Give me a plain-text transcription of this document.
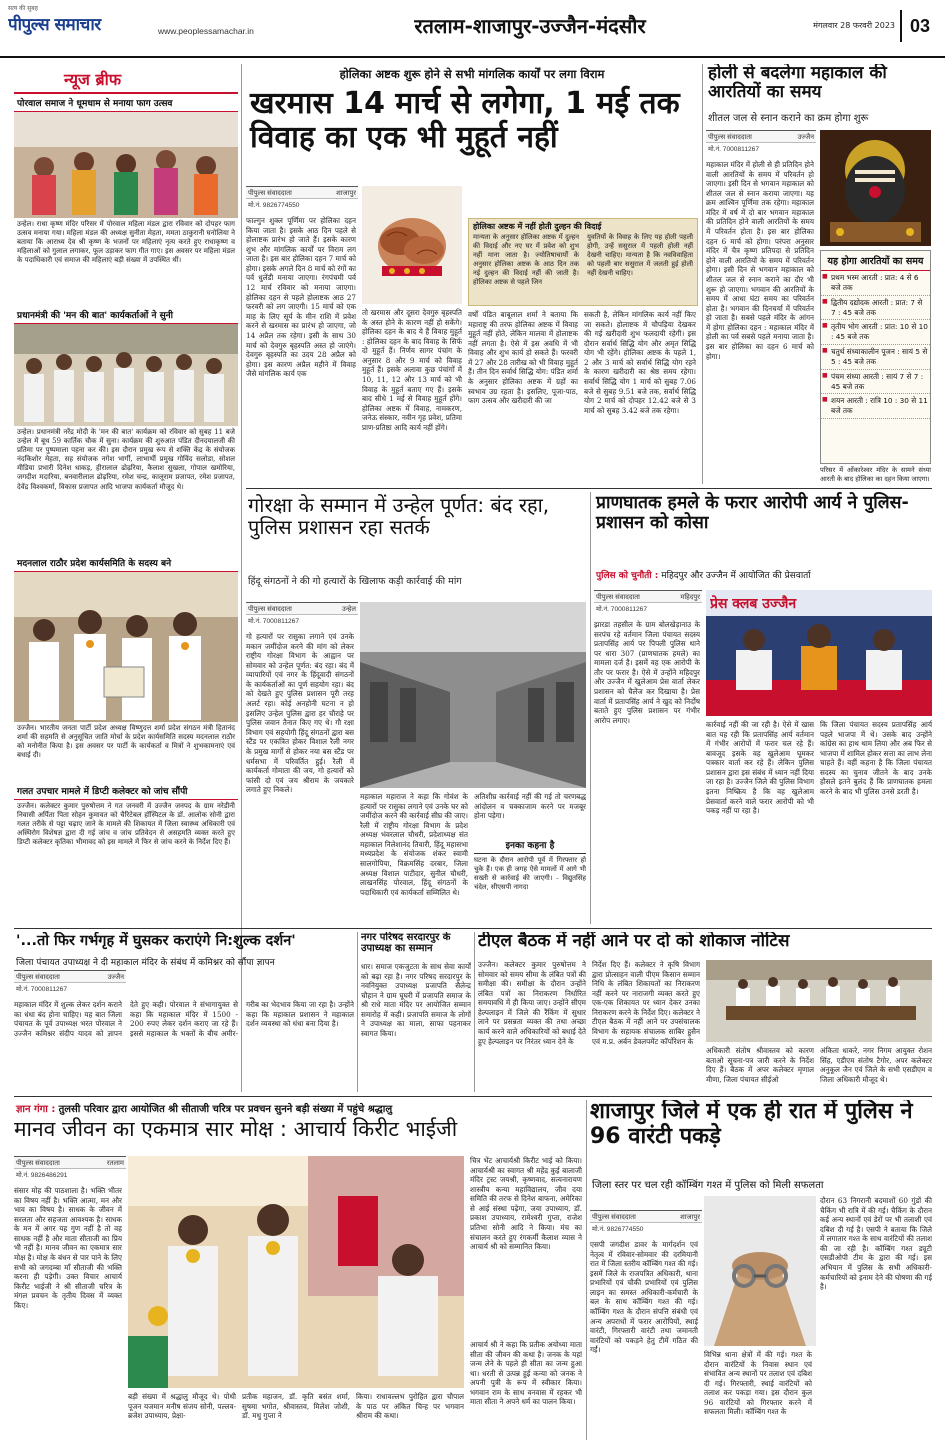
सत्य की सुबह
पीपुल्स समाचार	www.peoplessamachar.in	रतलाम-शाजापुर-उज्जैन-मंदसौर	मंगलवार 28 फरवरी 2023 03
न्यूज ब्रीफ
पोरवाल समाज ने धूमधाम से मनाया फाग उत्सव
उन्हेल। राधा कृष्ण मंदिर परिसर में पोरवाल महिला मंडल द्वारा रविवार को दोपहर फाग उत्सव मनाया गया। महिला मंडल की अध्यक्ष सुनीता मेहता, ममता ठाकुरानी घनोलिया ने बताया कि आराध्य देव श्री कृष्ण के भजनों पर महिलाएं नृत्य करते हुए राधाकृष्ण व महिलाओं को गुलाल लगाकर, फूल उड़ाकर फाग गीत गाए। इस अवसर पर महिला मंडल के पदाधिकारी एवं समाज की महिलाएं बड़ी संख्या में उपस्थित थीं।
प्रधानमंत्री की 'मन की बात' कार्यकर्ताओं ने सुनी
उन्हेल। प्रधानमंत्री नरेंद्र मोदी के 'मन की बात' कार्यक्रम को रविवार को सुबह 11 बजे उन्हेल में बूथ 59 कार्तिक चौक में सुना। कार्यक्रम की शुरुआत पंडित दीनदयालजी की प्रतिमा पर पुष्पमाला पहना कर की। इस दौरान प्रमुख रूप से शक्ति केंद्र के संयोजक नंदकिशोर मेहता, सह संयोजक नगेश भार्गी, लाभार्थी प्रमुख गोविंद सलोडा, सोशल मीडिया प्रभारी दिनेश धाकड़, हीरालाल ढोढ़रिया, कैलाश सुखला, गोपाल खमोरिया, जगदीश मदारिया, बनवारीलाल ढोढ़रिया, रमेश चन्द्र, कालूराम प्रजापत, रमेश प्रजापत, देवेंद्र विश्वकर्मा, विकास प्रजापत आदि भाजपा कार्यकर्ता मौजूद थे।
मदनलाल राठौर प्रदेश कार्यसमिति के सदस्य बने
उज्जैन। भारतीय जनता पार्टी प्रदेश अध्यक्ष विष्णुदत्त शर्मा प्रदेश संगठन मंत्री हितानंद शर्मा की सहमति से अनुसूचित जाति मोर्चा के प्रदेश कार्यसमिति सदस्य मदनलाल राठौर को मनोनीत किया है। इस अवसर पर पार्टी के कार्यकर्ता व मित्रों ने शुभकामनाएं एवं बधाई दी।
गलत उपचार मामले में डिप्टी कलेक्टर को जांच सौंपी
उज्जैन। कलेक्टर कुमार पुरुषोत्तम ने गत जनवरी में उज्जैन जनपद के ग्राम नरेडीनी निवासी अर्पिता पिता सोहन कुमावत को चैरिटेबल हॉस्पिटल के डॉ. आलोक सोनी द्वारा गलत तरीके से पट्टा चढ़ाए जाने के मामले की शिकायत में जिला स्वास्थ्य अधिकारी एवं अस्थिरोग विशेषज्ञ द्वारा दी गई जांच व जांच प्रतिवेदन से असहमति व्यक्त करते हुए डिप्टी कलेक्टर कृतिका भीमावद को इस मामले में फिर से जांच करने के निर्देश दिए हैं।
होलिका अष्टक शुरू होने से सभी मांगलिक कार्यों पर लगा विराम
खरमास 14 मार्च से लगेगा, 1 मई तक विवाह का एक भी मुहूर्त नहीं
पीपुल्स संवाददाता	शाजापुर
मो.नं. 9826774550
फाल्गुन शुक्ल पूर्णिमा पर होलिका दहन किया जाता है। इसके आठ दिन पहले से होलाष्टक प्रारंभ हो जाते हैं। इसके कारण शुभ और मांगलिक कार्यों पर विराम लग जाता है। इस बार होलिका दहन 7 मार्च को होगा। इसके अगले दिन 8 मार्च को रंगों का पर्व धुलेंडी मनाया जाएगा। रंगपंचमी पर्व 12 मार्च रविवार को मनाया जाएगा। होलिका दहन से पहले होलाष्टक आठ 27 फरवरी को लग जाएगी। 15 मार्च को एक माह के लिए सूर्य के मीन राशि में प्रवेश करने से खरमास का प्रारंभ हो जाएगा, जो 14 अप्रैल तक रहेगा। इसी के साथ 30 मार्च को देवगुरु बृहस्पति अस्त हो जाएंगे। देवगुरु बृहस्पति का उदय 28 अप्रैल को होगा। इस कारण अप्रैल महीने में विवाह जैसे मांगलिक कार्य एक
तो खरमास और दूसरा देवगुरु बृहस्पति के अस्त होने के कारण नहीं हो सकेंगे। होलिका दहन के बाद ये हैं विवाह मुहूर्त : होलिका दहन के बाद विवाह के सिर्फ दो मुहूर्त हैं। निर्णय सागर पंचांग के अनुसार 8 और 9 मार्च को विवाह मुहूर्त हैं। इसके अलावा कुछ पंचांगों में 10, 11, 12 और 13 मार्च को भी विवाह के मुहूर्त बताए गए हैं। इसके बाद सीधे 1 मई से विवाह मुहूर्त होंगे। होलिका अष्टक में विवाह, नामकरण, जनेऊ संस्कार, नवीन गृह प्रवेश, प्रतिमा प्राण-प्रतिष्ठा आदि कार्य नहीं होंगे।
होलिका अष्टक में नहीं होती दुल्हन की विदाई
मान्यता के अनुसार होलिका अष्टक में दुल्हन की विदाई और नए घर में प्रवेश को शुभ नहीं माना जाता है। ज्योतिषाचार्यों के अनुसार होलिका अष्टक के आठ दिन तक नई दुल्हन की विदाई नहीं की जाती है। होलिका अष्टक से पहले जिन
युवतियों के विवाह के लिए यह होली पहली होगी, उन्हें ससुराल में पहली होली नहीं देखनी चाहिए। मान्यता है कि नवविवाहिता को पहली बार ससुराल में जलती हुई होली नहीं देखनी चाहिए।
वर्षों पंडित बाबूलाल शर्मा ने बताया कि महाराष्ट्र की तरफ होलिका अष्टक में विवाह मुहूर्त नहीं होते, लेकिन मालवा में होलाष्टक नहीं लगता है। ऐसे में इस अवधि में भी विवाह और शुभ कार्य हो सकते हैं। फरवरी में 27 और 28 तारीख को भी विवाह मुहूर्त हैं। तीन दिन सर्वार्थ सिद्धि योग: पंडित शर्मा के अनुसार होलिका अष्टक में ग्रहों का स्वभाव उग्र रहता है। इसलिए, पूजा-पाठ, फाग उत्सव और खरीदारी की जा
सकती है, लेकिन मांगलिक कार्य नहीं किए जा सकते। होलाष्टक में चौपड़िया देखकर की गई खरीदारी शुभ फलदायी रहेगी। इस दौरान सर्वार्थ सिद्धि योग और अमृत सिद्धि योग भी रहेंगे। होलिका अष्टक के पहले 1, 2 और 3 मार्च को सर्वार्थ सिद्धि योग रहने के कारण खरीदारी का श्रेष्ठ समय रहेगा। सर्वार्थ सिद्धि योग 1 मार्च को सुबह 7.06 बजे से सुबह 9.51 बजे तक, सर्वार्थ सिद्धि योग 2 मार्च को दोपहर 12.42 बजे से 3 मार्च को सुबह 3.42 बजे तक रहेगा।
होली से बदलेगा महाकाल की आरतियों का समय
शीतल जल से स्नान कराने का क्रम होगा शुरू
पीपुल्स संवाददाता	उज्जैन
मो.नं. 7000811267
महाकाल मंदिर में होली से ही प्रतिदिन होने वाली आरतियों के समय में परिवर्तन हो जाएगा। इसी दिन से भगवान महाकाल को शीतल जल से स्नान कराया जाएगा। यह क्रम आश्विन पूर्णिमा तक रहेगा। महाकाल मंदिर में वर्ष में दो बार भगवान महाकाल की प्रतिदिन होने वाली आरतियों के समय में परिवर्तन होता है। इस बार होलिका दहन 6 मार्च को होगा। परंपरा अनुसार मंदिर में चैत्र कृष्ण प्रतिपदा से प्रतिदिन होने वाली आरतियों के समय में परिवर्तन होगा। इसी दिन से भगवान महाकाल को शीतल जल से स्नान कराने का दौर भी शुरू हो जाएगा। भगवान की आरतियों के समय में आधा घंटा समय का परिवर्तन होता है। भगवान की दिनचर्या में परिवर्तन हो जाता है। सबसे पहले मंदिर के आंगन में होगा होलिका दहन : महाकाल मंदिर में होली का पर्व सबसे पहले मनाया जाता है। इस बार होलिका का दहन 6 मार्च को होगा।
यह होगा आरतियों का समय
■ प्रथम भस्म आरती : प्रात: 4 से 6 बजे तक
■ द्वितीय दद्योदक आरती : प्रात: 7 से 7 : 45 बजे तक
■ तृतीय भोग आरती : प्रात: 10 से 10 : 45 बजे तक
■ चतुर्थ संध्याकालीन पूजन : सायं 5 से 5 : 45 बजे तक
■ पंचम संध्या आरती : सायं 7 से 7 : 45 बजे तक
■ शयन आरती : रात्रि 10 : 30 से 11 बजे तक
परिसर में ओंकारेश्वर मंदिर के सामने संध्या आरती के बाद होलिका का दहन किया जाएगा।
गोरक्षा के सम्मान में उन्हेल पूर्णत: बंद रहा, पुलिस प्रशासन रहा सतर्क
हिंदू संगठनों ने की गो हत्यारों के खिलाफ कड़ी कार्रवाई की मांग
पीपुल्स संवाददाता	उन्हेल
मो.नं. 7000811267
गो हत्यारों पर रासुका लगाने एवं उनके मकान जमींदोज करने की मांग को लेकर राष्ट्रीय गोरक्षा विभाग के आह्वान पर सोमवार को उन्हेल पूर्णत: बंद रहा। बंद में व्यापारियों एवं नगर के हिंदूवादी संगठनों के कार्यकर्ताओं का पूर्ण सहयोग रहा। बंद को देखते हुए पुलिस प्रशासन पूरी तरह अलर्ट रहा। कोई अनहोनी घटना न हो इसलिए उन्हेल पुलिस द्वारा हर चौराहे पर पुलिस जवान तैनात किए गए थे। गौ रक्षा विभाग एवं सहयोगी हिंदू संगठनों द्वारा बस स्टैंड पर एकत्रित होकर विशाल रैली नगर के प्रमुख मार्गों से होकर नया बस स्टैंड पर धर्मसभा में परिवर्तित हुई। रैली में कार्यकर्ता गोमाता की जय, गो हत्यारों को फांसी दो एवं जय श्रीराम के जयकारे लगाते हुए निकले।
महाकाल महाराज ने कहा कि गोवंश के हत्यारों पर रासुका लगाने एवं उनके घर को जमींदोज करने की कार्रवाई सीघ्र की जाए। रैली में राष्ट्रीय गोरक्षा विभाग के प्रदेश अध्यक्ष भंवरलाल चौधरी, प्रदेशाध्यक्ष संत महाकाल निलेशानंद तिवारी, हिंदू महासभा मध्यप्रदेश के संयोजक शंकर स्वामी सालगोपिया, विक्रमसिंह दरबार, जिला अध्यक्ष विशाल पाटीदार, सुनील चौधरी, लाखनसिंह पोरवाल, हिंदू संगठनों के पदाधिकारी एवं कार्यकर्ता सम्मिलित थे।
अतिशीघ्र कार्रवाई नहीं की गई तो चरणबद्ध आंदोलन व चक्काजाम करने पर मजबूर होना पड़ेगा।
इनका कहना है
घटना के दौरान आरोपी पूर्व में गिरफ्तार हो चुके हैं। एक ही जगह ऐसे मामलों में आगे भी सख्ती से कार्रवाई की जाएगी। - विद्युतसिंह चंदेल, सीएसपी नागदा
प्राणघातक हमले के फरार आरोपी आर्य ने पुलिस-प्रशासन को कोसा
पुलिस को चुनौती : महिदपुर और उज्जैन में आयोजित की प्रेसवार्ता
पीपुल्स संवाददाता	महिदपुर
मो.नं. 7000811267
झारडा तहसील के ग्राम बोलखेड़ानाउ के सरपंच रहे वर्तमान जिला पंचायत सदस्य प्रतापसिंह आर्य पर पिपली पुलिस थाने पर धारा 307 (प्राणघातक हमले) का मामला दर्ज है। इसमें वह एक आरोपी के तौर पर फरार है। ऐसे में उन्होंने महिदपुर और उज्जैन में खुलेआम प्रेस वार्ता लेकर प्रशासन को चैलेंज कर दिखाया है। प्रेस वार्ता में प्रतापसिंह आर्य ने खुद को निर्दोष बताते हुए पुलिस प्रशासन पर गंभीर आरोप लगाए।
प्रेस क्लब उज्जैन
कार्रवाई नहीं की जा रही है। ऐसे में खास बात यह रही कि प्रतापसिंह आर्य वर्तमान में गंभीर आरोपों में फरार चल रहे हैं। बावजूद इसके वह खुलेआम घूमकर पत्रकार वार्ता कर रहे हैं। लेकिन पुलिस प्रशासन द्वारा इस संबंध में ध्यान नहीं दिया जा रहा है। उज्जैन जिले की पुलिस विभाग इतना निष्क्रिय है कि वह खुलेआम प्रेसवार्ता करने वाले फरार आरोपी को भी पकड़ नहीं पा रहा है।
कि जिला पंचायत सदस्य प्रतापसिंह आर्य पहले भाजपा में थे। उसके बाद उन्होंने कांग्रेस का हाथ थाम लिया और अब फिर से भाजपा में शामिल होकर सत्ता का लाभ लेना चाहते हैं। वहीं कहना है कि जिला पंचायत सदस्य का चुनाव जीतने के बाद उनके हौसले इतने बुलंद हैं कि प्राणघातक हमला करने के बाद भी पुलिस उनसे डरती है।
'...तो फिर गर्भगृह में घुसकर कराएंगे नि:शुल्क दर्शन'
जिला पंचायत उपाध्यक्ष ने दी महाकाल मंदिर के संबंध में कमिश्नर को सौंपा ज्ञापन
पीपुल्स संवाददाता	उज्जैन
मो.नं. 7000811267
महाकाल मंदिर में शुल्क लेकर दर्शन कराने का धंधा बंद होना चाहिए। यह बात जिला पंचायत के पूर्व उपाध्यक्ष भरत पोरवाल ने उज्जैन कमिश्नर संदीप यादव को ज्ञापन देते हुए कही। पोरवाल ने संभागायुक्त से कहा कि महाकाल मंदिर में 1500 - 200 रुपए लेकर दर्शन कराए जा रहे हैं। इससे महाकाल के भक्तों के बीच अमीर-गरीब का भेदभाव किया जा रहा है। उन्होंने कहा कि महाकाल प्रशासन ने महाकाल दर्शन व्यवस्था को धंधा बना दिया है।
नगर परिषद सरदारपुर के उपाध्यक्ष का सम्मान
धार। समाज एकजुटता के साथ सेवा कार्यों को बढ़ा रहा है। नगर परिषद सरदारपुर के नवनियुक्त उपाध्यक्ष प्रजापति सैलेन्द्र चौहान ने ग्राम घूघरी में प्रजापति समाज के श्री राधे माता मंदिर पर आयोजित सम्मान समारोह में कही। प्रजापति समाज के लोगों ने उपाध्यक्ष का माला, साफा पहनाकर स्वागत किया।
टीएल बैठक में नहीं आने पर दो को शोकाज नोटिस
उज्जैन। कलेक्टर कुमार पुरुषोत्तम ने सोमवार को समय सीमा के लंबित पत्रों की समीक्षा की। समीक्षा के दौरान उन्होंने लंबित पत्रों का निराकरण निर्धारित समयावधि में ही किया जाए। उन्होंने सीएम हेल्पलाइन में जिले की रैंकिंग में सुधार लाने पर प्रसन्नता व्यक्त की तथा अच्छा कार्य करने वाले अधिकारियों को बधाई देते हुए हेल्पलाइन पर निरंतर ध्यान देने के
निर्देश दिए हैं। कलेक्टर ने कृषि विभाग द्वारा प्रोत्साहन वाली पीएम किसान सम्मान निधि के लंबित शिकायतों का निराकरण नहीं करने पर नाराजगी व्यक्त करते हुए एक-एक शिकायत पर ध्यान देकर उनका निराकरण करने के निर्देश दिए। कलेक्टर ने टीएल बैठक में नहीं आने पर उपसंचालक विभाग के सहायक संचालक साबिर हुसैन एवं म.प्र. अर्बन डेवलपमेंट कॉर्पोरेशन के
अधिकारी संतोष श्रीवास्तव को कारण बताओ सूचना-पत्र जारी करने के निर्देश दिए हैं। बैठक में अपर कलेक्टर मृणाल मीणा, जिला पंचायत सीईओ
अंकिता धाकरे, नगर निगम आयुक्त रोशन सिंह, एडीएम संतोष टैगोर, अपर कलेक्टर अनुकूल जैन एवं जिले के सभी एसडीएम व जिला अधिकारी मौजूद थे।
ज्ञान गंगा : तुलसी परिवार द्वारा आयोजित श्री सीताजी चरित्र पर प्रवचन सुनने बड़ी संख्या में पहुंचे श्रद्धालु
मानव जीवन का एकमात्र सार मोक्ष : आचार्य किरीट भाईजी
पीपुल्स संवाददाता	रतलाम
मो.नं. 9826486291
संसार मोह की पाठशाला है। भक्ति भीतर का विषय नहीं है। भक्ति आत्मा, मन और भाव का विषय है। साधक के जीवन में सरलता और सहजता आवश्यक है। साधक के मन में अगर यह गुण नहीं है तो वह साधक नहीं है और माता सीताजी का प्रिय भी नहीं है। मानव जीवन का एकमात्र सार मोक्ष है। मोक्ष के बंधन से पार पाने के लिए सभी को जगदम्बा माँ सीताजी की भक्ति करना ही पड़ेगी। उक्त विचार आचार्य किरीट भाईजी ने श्री सीताजी चरित्र के मंगल प्रवचन के तृतीय दिवस में व्यक्त किए।
बड़ी संख्या में श्रद्धालु मौजूद थे। पोथी पूजन यजमान मनीष संजय सोनी, पल्लव-ब्रजेश उपाध्याय, प्रेक्षा-
प्रतीक महाजन, डॉ. कृति बसंत शर्मा, सुषमा भगोत, श्रीवास्तव, मिलेश जोशी, डॉ. मधु गुप्ता ने
किया। राधावल्लभ पुरोहित द्वारा चौपाल के पाठ पर अंकित चिन्ह पर भगवान श्रीराम की कथा।
चित्र भेंट आचार्यश्री किरीट भाई को किया। आचार्यश्री का स्वागत श्री महेंद्र कुई बालाजी मंदिर ट्रस्ट जयश्री, कृष्णवाद, सत्यनारायण शास्त्रीय कन्या महाविद्यालय, जीव दया समिति की तरफ से दिनेश बाफना, अमेरिका से आई संस्था पढ़ेगा, जया उपाध्याय, डॉ. प्रकाश उपाध्याय, रामेश्वरी गुप्ता, राजेश प्रतिभा सोनी आदि ने किया। मंच का संचालन करते हुए रंगकर्मी कैलाश व्यास ने आचार्य श्री को सम्मानित किया।
आचार्य श्री ने कहा कि प्रतीक अयोध्या माता सीता की जीवन की कथा है। जनक के यहां जन्म लेने के पहले ही सीता का जन्म हुआ था। धरती से उत्पन्न हुई कन्या को जनक ने अपनी पुत्री के रूप में स्वीकार किया। भगवान राम के साथ वनवास में रहकर भी माता सीता ने अपने धर्म का पालन किया।
शाजापुर जिले में एक ही रात में पुलिस ने 96 वारंटी पकड़े
जिला स्तर पर चल रही कॉम्बिंग गश्त में पुलिस को मिली सफलता
पीपुल्स संवाददाता	शाजापुर
मो.नं. 9826774550
एसपी जगदीश डावर के मार्गदर्शन एवं नेतृत्व में रविवार-सोमवार की दरमियानी रात में जिला स्तरीय कॉम्बिंग गश्त की गई। इसमें जिले के राजपत्रित अधिकारी, थाना प्रभारियों एवं चौकी प्रभारियों एवं पुलिस लाइन का समस्त अधिकारी-कर्मचारी के बल के साथ कॉम्बिंग गश्त की गई। कॉम्बिंग गश्त के दौरान संपत्ति संबंधी एवं अन्य अपराधों में फरार आरोपियों, स्थाई वारंटी, गिरफ्तारी वारंटी तथा जमानती वारंटियों को पकड़ने हेतु टीमें गठित की गईं।
विभिन्न थाना क्षेत्रों में की गई। गश्त के दौरान वारंटियों के निवास स्थान एवं संभावित अन्य स्थानों पर तलाश एवं दबिश दी गई। गिरफ्तारी, स्थाई वारंटियों को तलाश कर पकड़ा गया। इस दौरान कुल 96 वारंटियों को गिरफ्तार करने में सफलता मिली। कॉम्बिंग गश्त के
दौरान 63 निगरानी बदमाशों 60 गुंडों की चैकिंग भी रात्रि में की गई। चैकिंग के दौरान कई अन्य स्थानों एवं डेरों पर भी तलाशी एवं दबिश दी गई है। एसपी ने बताया कि जिले में लगातार गश्त के साथ वारंटियों की तलाश की जा रही है। कॉम्बिंग गश्त ड्यूटी एसडीओपी टीम के द्वारा की गई। इस अभियान में पुलिस के सभी अधिकारी-कर्मचारियों को इनाम देने की घोषणा की गई है।
